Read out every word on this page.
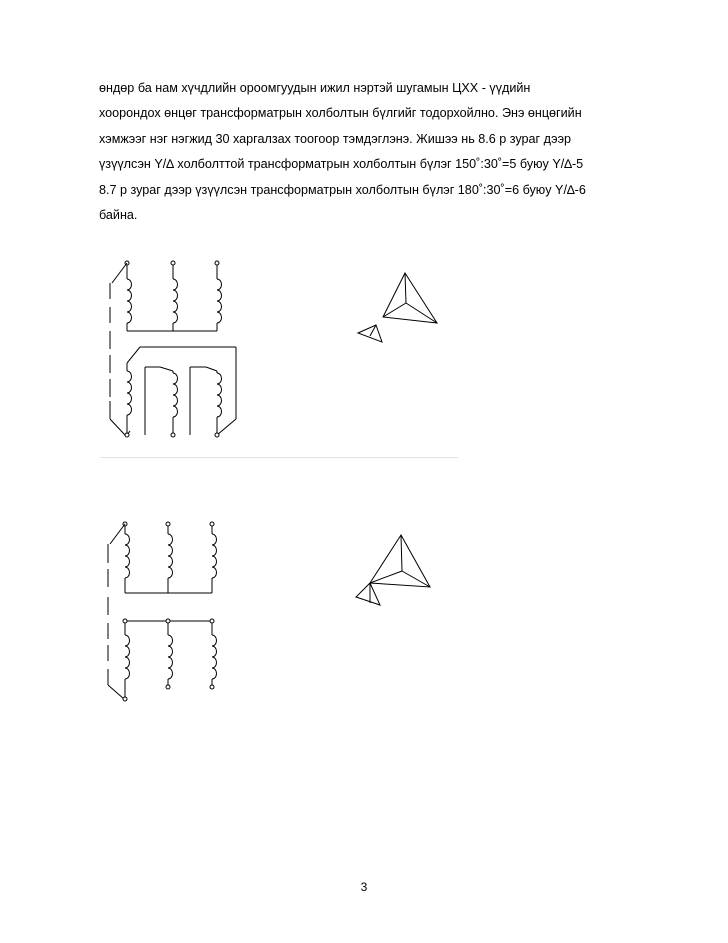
өндөр ба нам хүчдлийн ороомгуудын ижил нэртэй шугамын ЦХХ - үүдийн
хоорондох өнцөг трансформатрын холболтын бүлгийг тодорхойлно. Энэ өнцөгийн
хэмжээг нэг нэгжид 30 харгалзах тоогоор тэмдэглэнэ. Жишээ нь 8.6 р зураг дээр
үзүүлсэн Y/∆ холболттой трансформатрын холболтын бүлэг 150˚:30˚=5 буюу Y/∆-5
8.7 р зураг дээр үзүүлсэн трансформатрын холболтын бүлэг 180˚:30˚=6 буюу Y/∆-6
байна.
3
